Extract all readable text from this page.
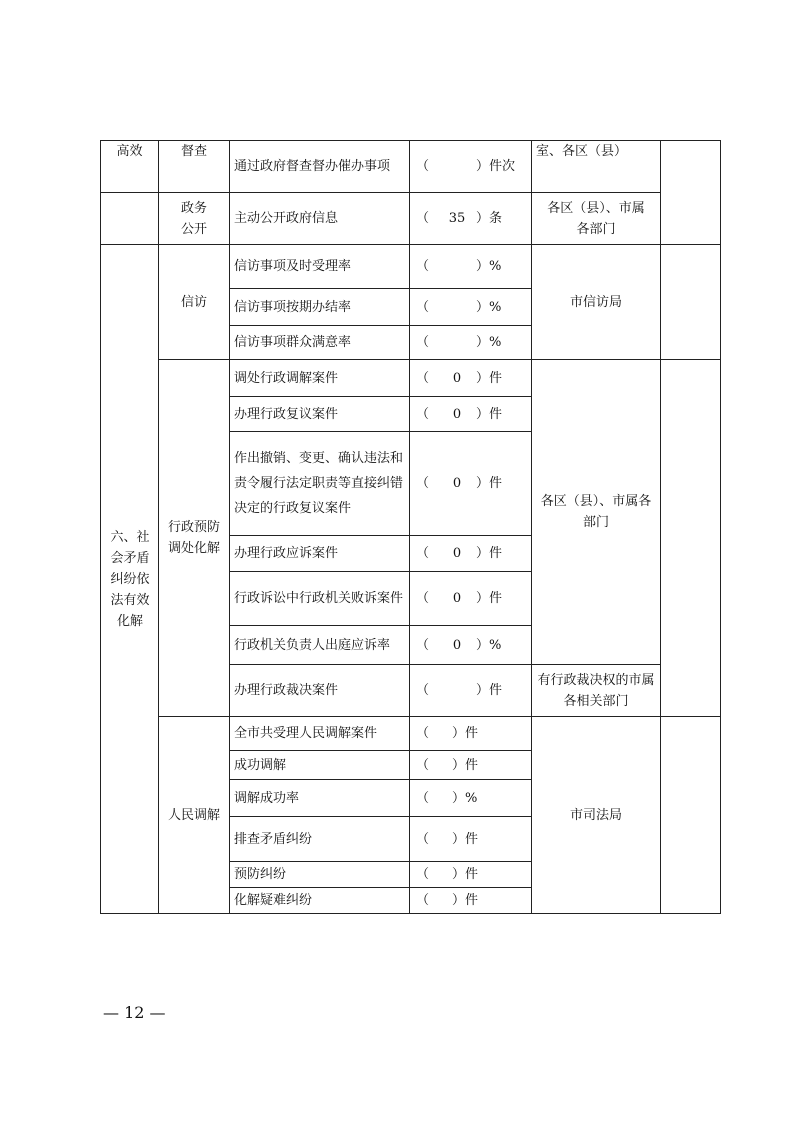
高效	督查	通过政府督查督办催办事项	（ ）件次	室、各区（县）	
	政务公开	主动公开政府信息	（ 35 ）条	各区（县）、市属各部门	
六、社会矛盾纠纷依法有效化解	信访	信访事项及时受理率	（ ）%	市信访局	
		信访事项按期办结率	（ ）%		
		信访事项群众满意率	（ ）%		
	行政预防调处化解	调处行政调解案件	（ 0 ）件	各区（县）、市属各部门	
		办理行政复议案件	（ 0 ）件		
		作出撤销、变更、确认违法和责令履行法定职责等直接纠错决定的行政复议案件	（ 0 ）件		
		办理行政应诉案件	（ 0 ）件		
		行政诉讼中行政机关败诉案件	（ 0 ）件		
		行政机关负责人出庭应诉率	（ 0 ）%		
		办理行政裁决案件	（ ）件	有行政裁决权的市属各相关部门	
	人民调解	全市共受理人民调解案件	（ ）件	市司法局	
		成功调解	（ ）件		
		调解成功率	（ ）%		
		排查矛盾纠纷	（ ）件		
		预防纠纷	（ ）件		
		化解疑难纠纷	（ ）件		
— 12 —
